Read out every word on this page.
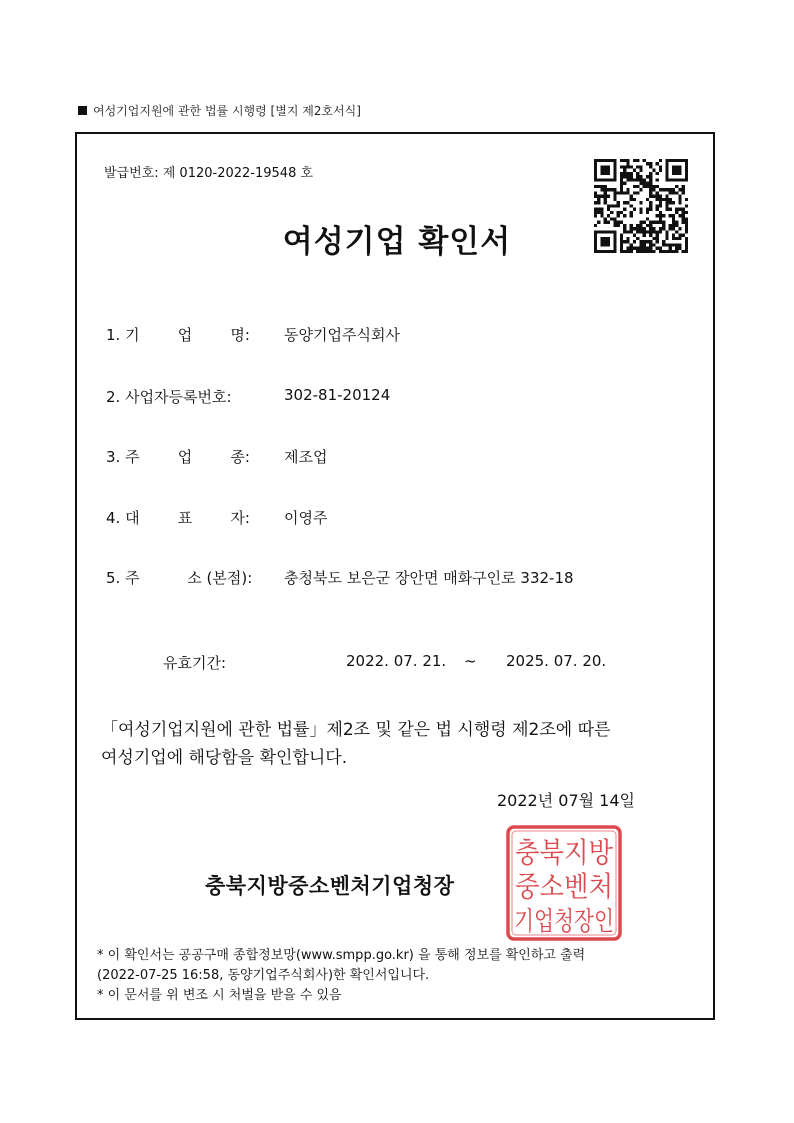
여성기업지원에 관한 법률 시행령 [별지 제2호서식]
발급번호: 제 0120-2022-19548 호
여성기업 확인서
1. 기        업        명:	동양기업주식회사
2. 사업자등록번호:	302-81-20124
3. 주        업        종:	제조업
4. 대        표        자:	이영주
5. 주          소 (본점):	충청북도 보은군 장안면 매화구인로 332-18
유효기간:	2022. 07. 21. ~ 2025. 07. 20.
「여성기업지원에 관한 법률」제2조 및 같은 법 시행령 제2조에 따른
여성기업에 해당함을 확인합니다.
2022년 07월 14일
충북지방중소벤처기업청장
충북지방
중소벤처
기업청장인
* 이 확인서는 공공구매 종합정보망(www.smpp.go.kr) 을 통해 정보를 확인하고 출력
(2022-07-25 16:58, 동양기업주식회사)한 확인서입니다.
* 이 문서를 위 변조 시 처벌을 받을 수 있음
